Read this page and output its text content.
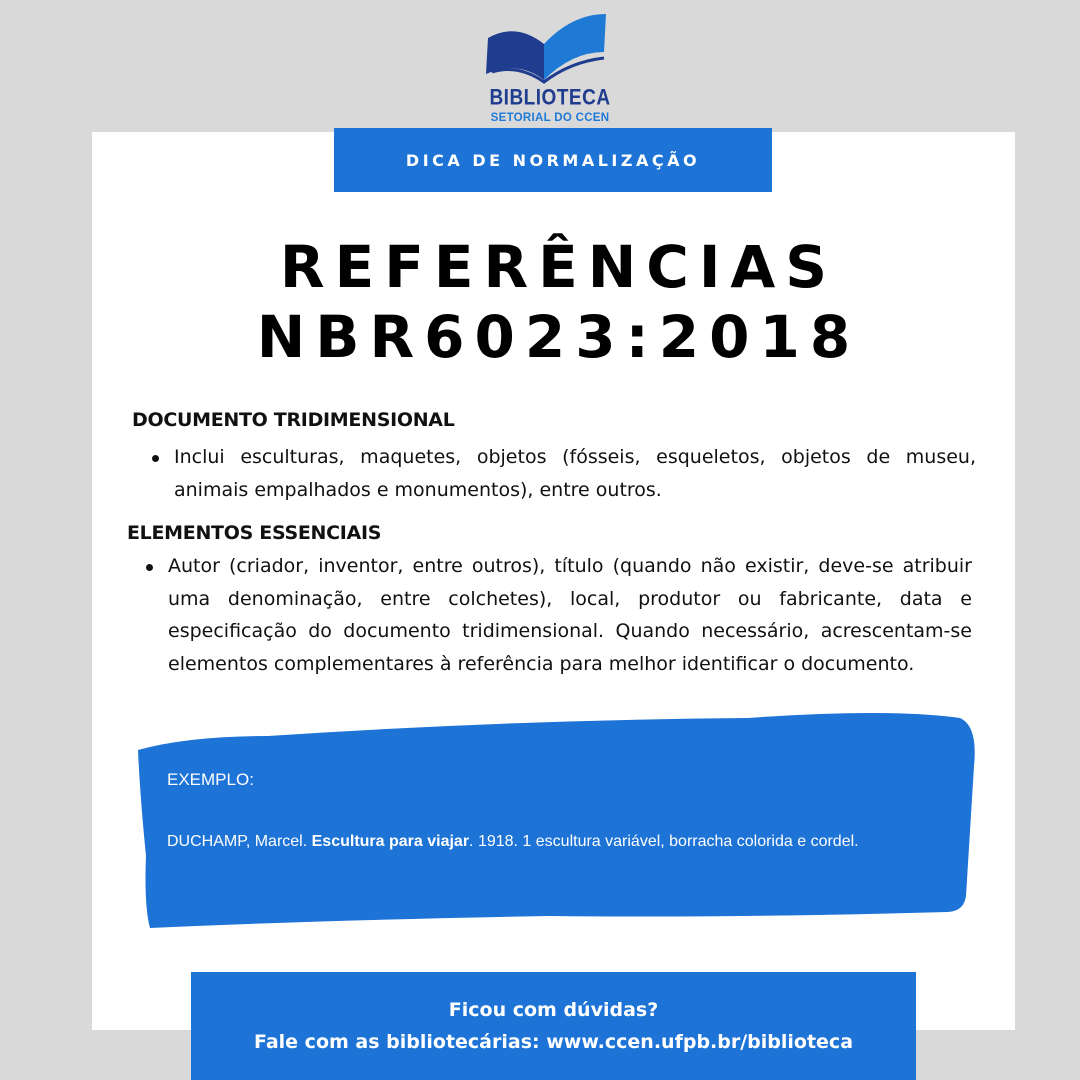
BIBLIOTECA
SETORIAL DO CCEN
DICA DE NORMALIZAÇÃO
REFERÊNCIAS
NBR6023:2018
DOCUMENTO TRIDIMENSIONAL
Inclui esculturas, maquetes, objetos (fósseis, esqueletos, objetos de museu, animais empalhados e monumentos), entre outros.
ELEMENTOS ESSENCIAIS
Autor (criador, inventor, entre outros), título (quando não existir, deve-se atribuir uma denominação, entre colchetes), local, produtor ou fabricante, data e especificação do documento tridimensional. Quando necessário, acrescentam-se elementos complementares à referência para melhor identificar o documento.
EXEMPLO:
DUCHAMP, Marcel. Escultura para viajar. 1918. 1 escultura variável, borracha colorida e cordel.
Ficou com dúvidas?
Fale com as bibliotecárias: www.ccen.ufpb.br/biblioteca
